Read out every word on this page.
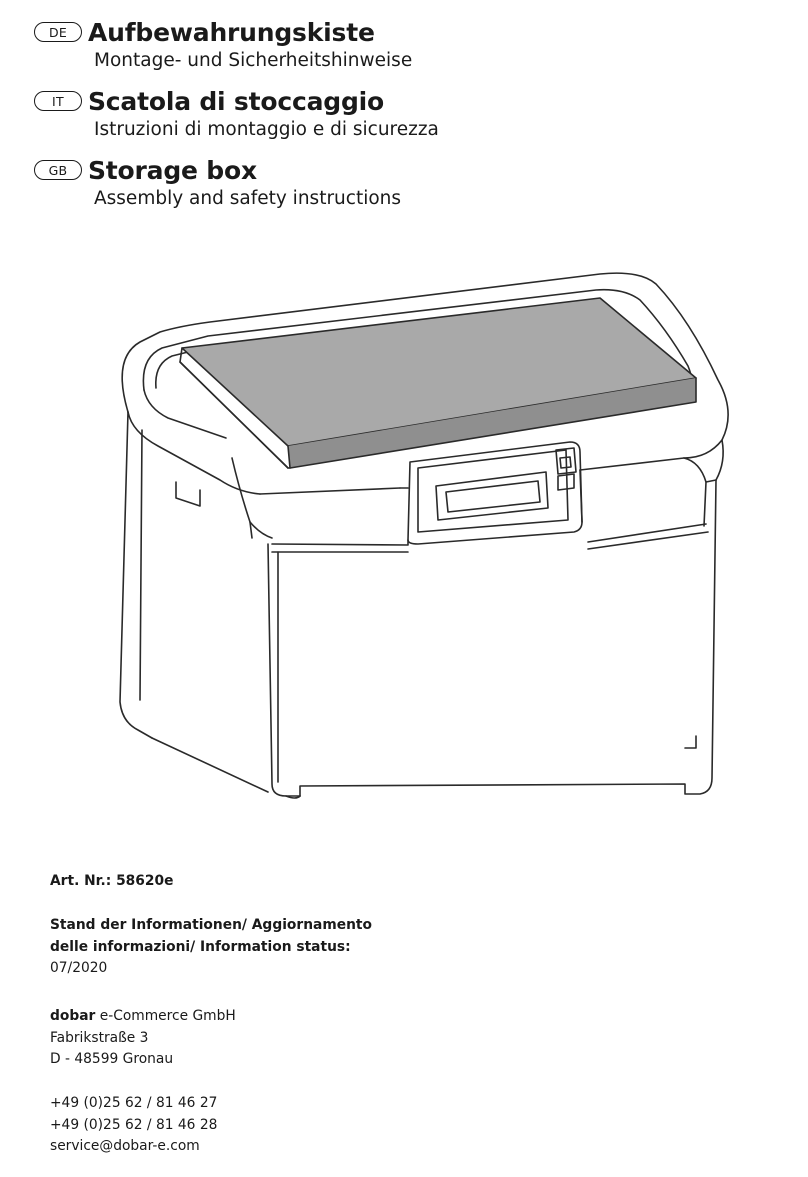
DE Aufbewahrungskiste
Montage- und Sicherheitshinweise
IT Scatola di stoccaggio
Istruzioni di montaggio e di sicurezza
GB Storage box
Assembly and safety instructions
Art. Nr.: 58620e
Stand der Informationen/ Aggiornamento
delle informazioni/ Information status:
07/2020
dobar e-Commerce GmbH
Fabrikstraße 3
D - 48599 Gronau
+49 (0)25 62 / 81 46 27
+49 (0)25 62 / 81 46 28
service@dobar-e.com
